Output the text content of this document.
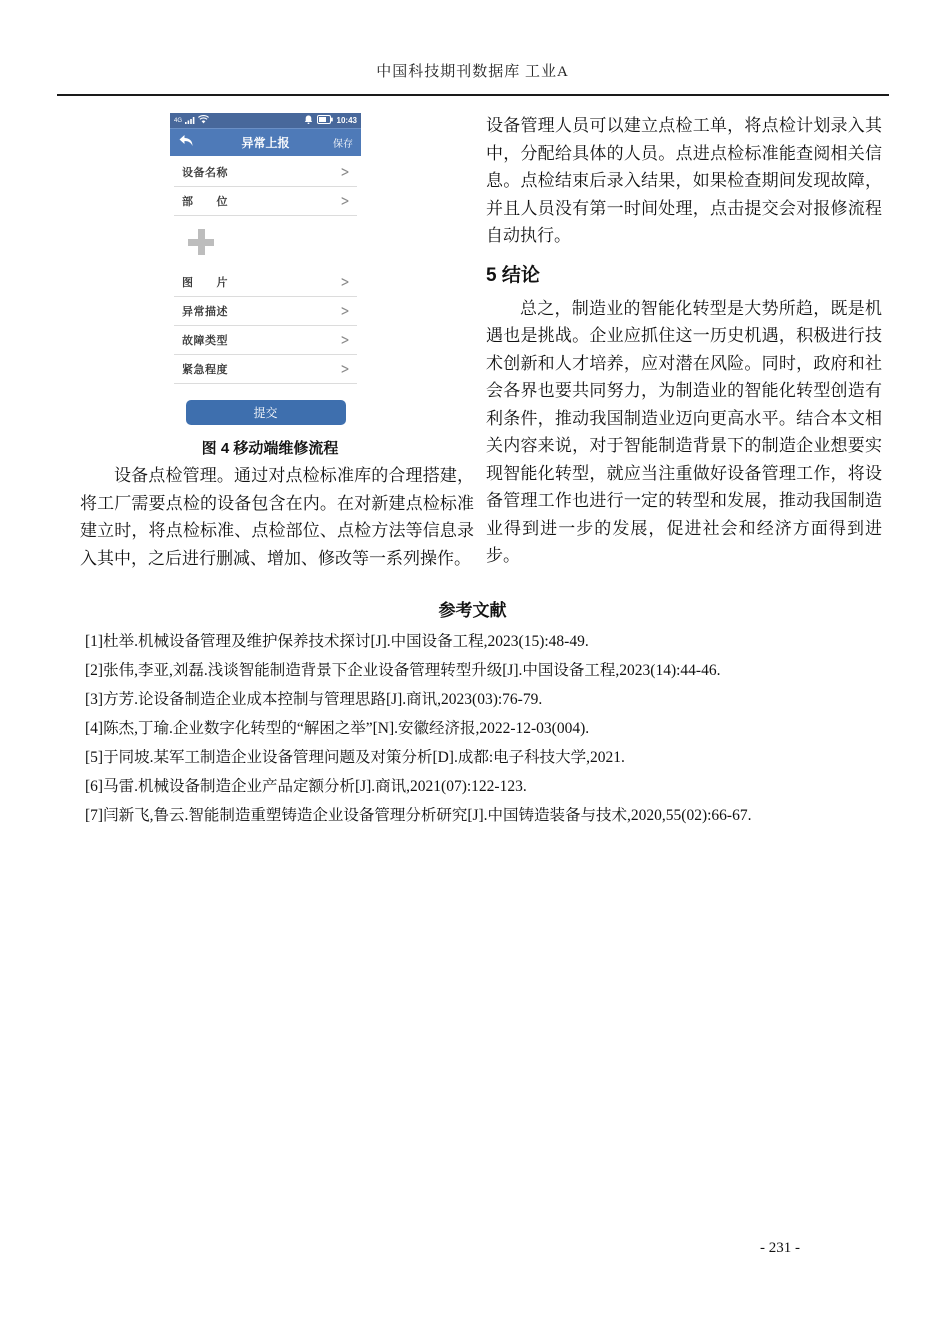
中国科技期刊数据库 工业A
4G	10:43
异常上报	保存
设备名称	>
部　　位	>
图　　片	>
异常描述	>
故障类型	>
紧急程度	>
提交
图 4 移动端维修流程
设备点检管理。通过对点检标准库的合理搭建，将工厂需要点检的设备包含在内。在对新建点检标准建立时，将点检标准、点检部位、点检方法等信息录入其中，之后进行删减、增加、修改等一系列操作。

设备管理人员可以建立点检工单，将点检计划录入其中，分配给具体的人员。点进点检标准能查阅相关信息。点检结束后录入结果，如果检查期间发现故障，并且人员没有第一时间处理，点击提交会对报修流程自动执行。

5 结论

总之，制造业的智能化转型是大势所趋，既是机遇也是挑战。企业应抓住这一历史机遇，积极进行技术创新和人才培养，应对潜在风险。同时，政府和社会各界也要共同努力，为制造业的智能化转型创造有利条件，推动我国制造业迈向更高水平。结合本文相关内容来说，对于智能制造背景下的制造企业想要实现智能化转型，就应当注重做好设备管理工作，将设备管理工作也进行一定的转型和发展，推动我国制造业得到进一步的发展，促进社会和经济方面得到进步。

参考文献
[1]杜举.机械设备管理及维护保养技术探讨[J].中国设备工程,2023(15):48-49.
[2]张伟,李亚,刘磊.浅谈智能制造背景下企业设备管理转型升级[J].中国设备工程,2023(14):44-46.
[3]方芳.论设备制造企业成本控制与管理思路[J].商讯,2023(03):76-79.
[4]陈杰,丁瑜.企业数字化转型的“解困之举”[N].安徽经济报,2022-12-03(004).
[5]于同坡.某军工制造企业设备管理问题及对策分析[D].成都:电子科技大学,2021.
[6]马雷.机械设备制造企业产品定额分析[J].商讯,2021(07):122-123.
[7]闫新飞,鲁云.智能制造重塑铸造企业设备管理分析研究[J].中国铸造装备与技术,2020,55(02):66-67.
- 231 -
